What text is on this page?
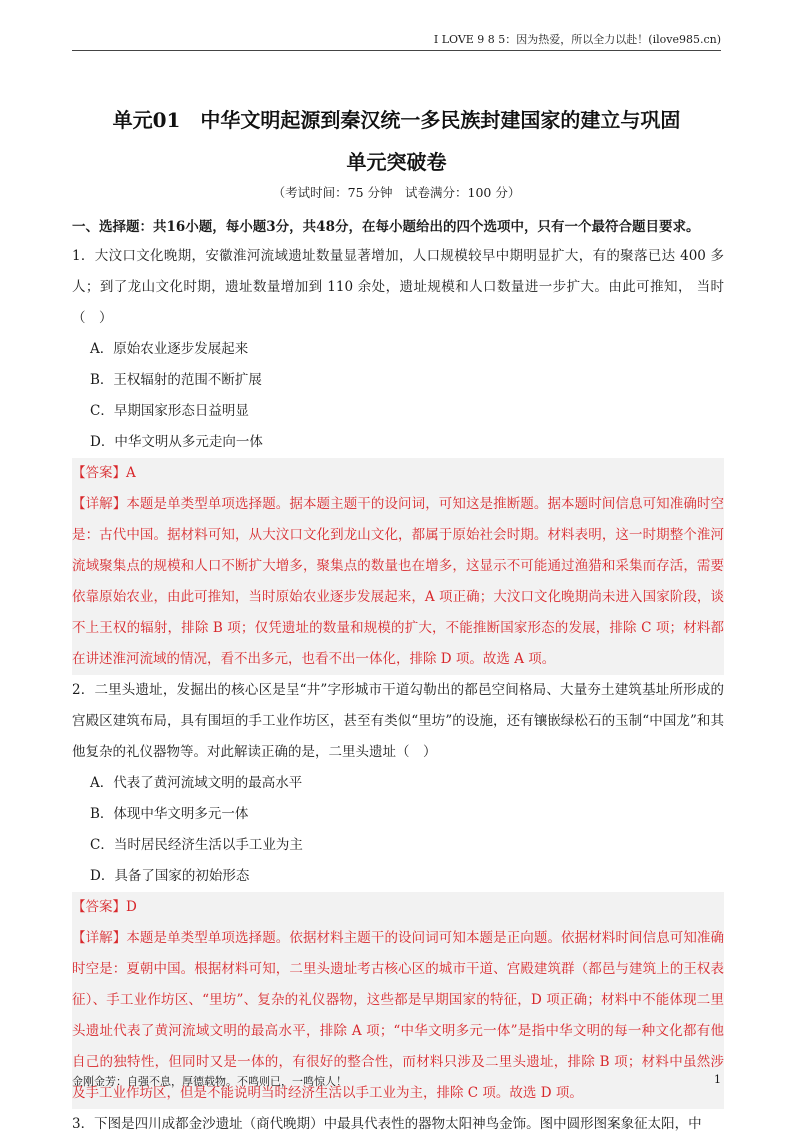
I LOVE 9 8 5：因为热爱，所以全力以赴！(ilove985.cn)
单元01　中华文明起源到秦汉统一多民族封建国家的建立与巩固
单元突破卷
（考试时间：75 分钟　试卷满分：100 分）
一、选择题：共16小题，每小题3分，共48分，在每小题给出的四个选项中，只有一个最符合题目要求。

1．大汶口文化晚期，安徽淮河流域遗址数量显著增加，人口规模较早中期明显扩大，有的聚落已达 400 多人；到了龙山文化时期，遗址数量增加到 110 余处，遗址规模和人口数量进一步扩大。由此可推知， 当时（　）

A．原始农业逐步发展起来
B．王权辐射的范围不断扩展
C．早期国家形态日益明显
D．中华文明从多元走向一体

【答案】A

【详解】本题是单类型单项选择题。据本题主题干的设问词，可知这是推断题。据本题时间信息可知准确时空是：古代中国。据材料可知，从大汶口文化到龙山文化，都属于原始社会时期。材料表明，这一时期整个淮河流域聚集点的规模和人口不断扩大增多，聚集点的数量也在增多，这显示不可能通过渔猎和采集而存活，需要依靠原始农业，由此可推知，当时原始农业逐步发展起来，A 项正确；大汶口文化晚期尚未进入国家阶段，谈不上王权的辐射，排除 B 项；仅凭遗址的数量和规模的扩大，不能推断国家形态的发展，排除 C 项；材料都在讲述淮河流域的情况，看不出多元，也看不出一体化，排除 D 项。故选 A 项。

2．二里头遗址，发掘出的核心区是呈“井”字形城市干道勾勒出的都邑空间格局、大量夯土建筑基址所形成的宫殿区建筑布局，具有围垣的手工业作坊区，甚至有类似“里坊”的设施，还有镶嵌绿松石的玉制“中国龙”和其他复杂的礼仪器物等。对此解读正确的是，二里头遗址（　）

A．代表了黄河流域文明的最高水平
B．体现中华文明多元一体
C．当时居民经济生活以手工业为主
D．具备了国家的初始形态

【答案】D

【详解】本题是单类型单项选择题。依据材料主题干的设问词可知本题是正向题。依据材料时间信息可知准确时空是：夏朝中国。根据材料可知，二里头遗址考古核心区的城市干道、宫殿建筑群（都邑与建筑上的王权表征）、手工业作坊区、“里坊”、复杂的礼仪器物，这些都是早期国家的特征，D 项正确；材料中不能体现二里头遗址代表了黄河流域文明的最高水平，排除 A 项；“中华文明多元一体”是指中华文明的每一种文化都有他自己的独特性，但同时又是一体的，有很好的整合性，而材料只涉及二里头遗址，排除 B 项；材料中虽然涉及手工业作坊区，但是不能说明当时经济生活以手工业为主，排除 C 项。故选 D 项。

3．下图是四川成都金沙遗址（商代晚期）中最具代表性的器物太阳神鸟金饰。图中圆形图案象征太阳，中

金刚金芳：自强不息，厚德载物。不鸣则已，一鸣惊人！	1
